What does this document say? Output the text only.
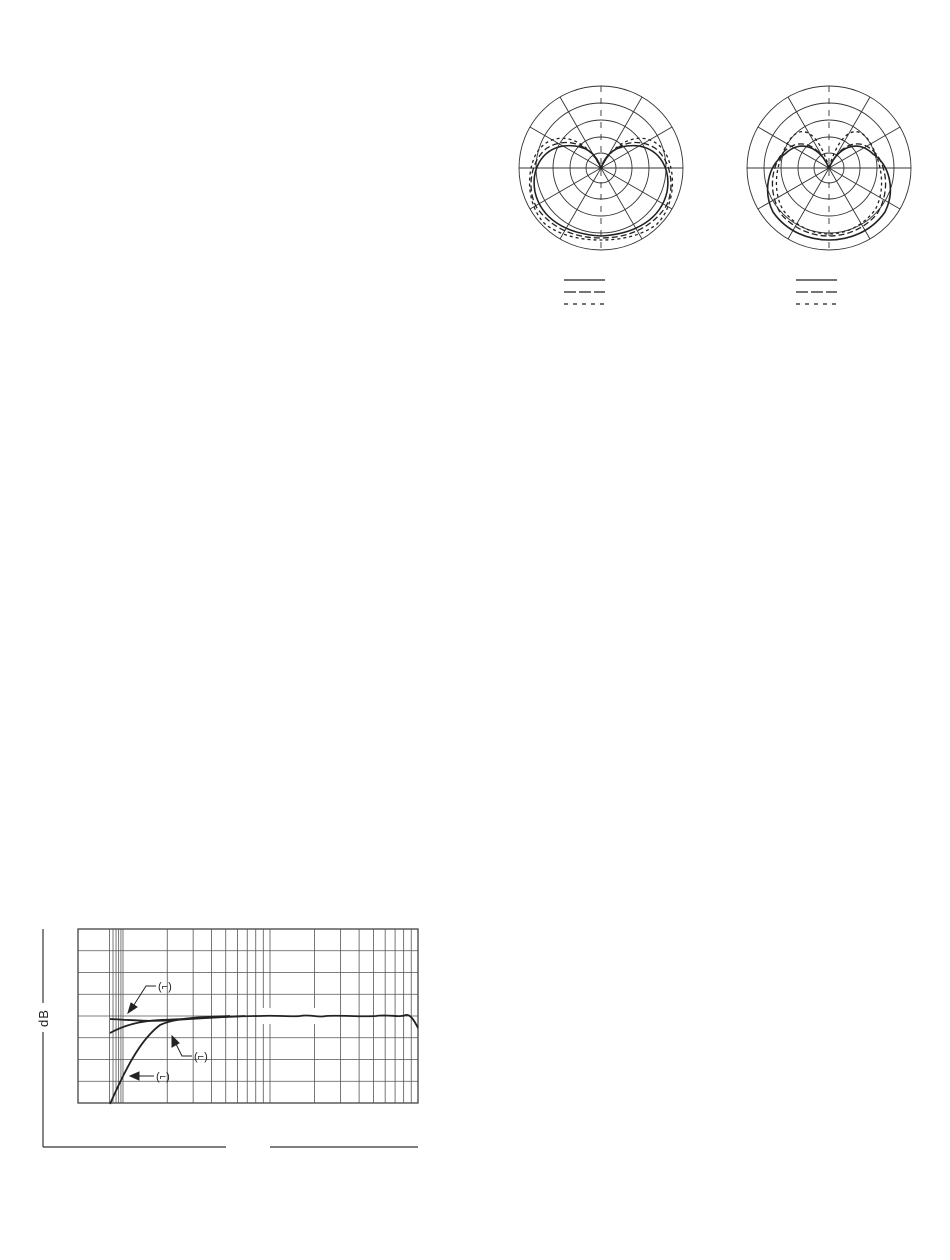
dB
(⌐)
(⌐)
(⌐)
